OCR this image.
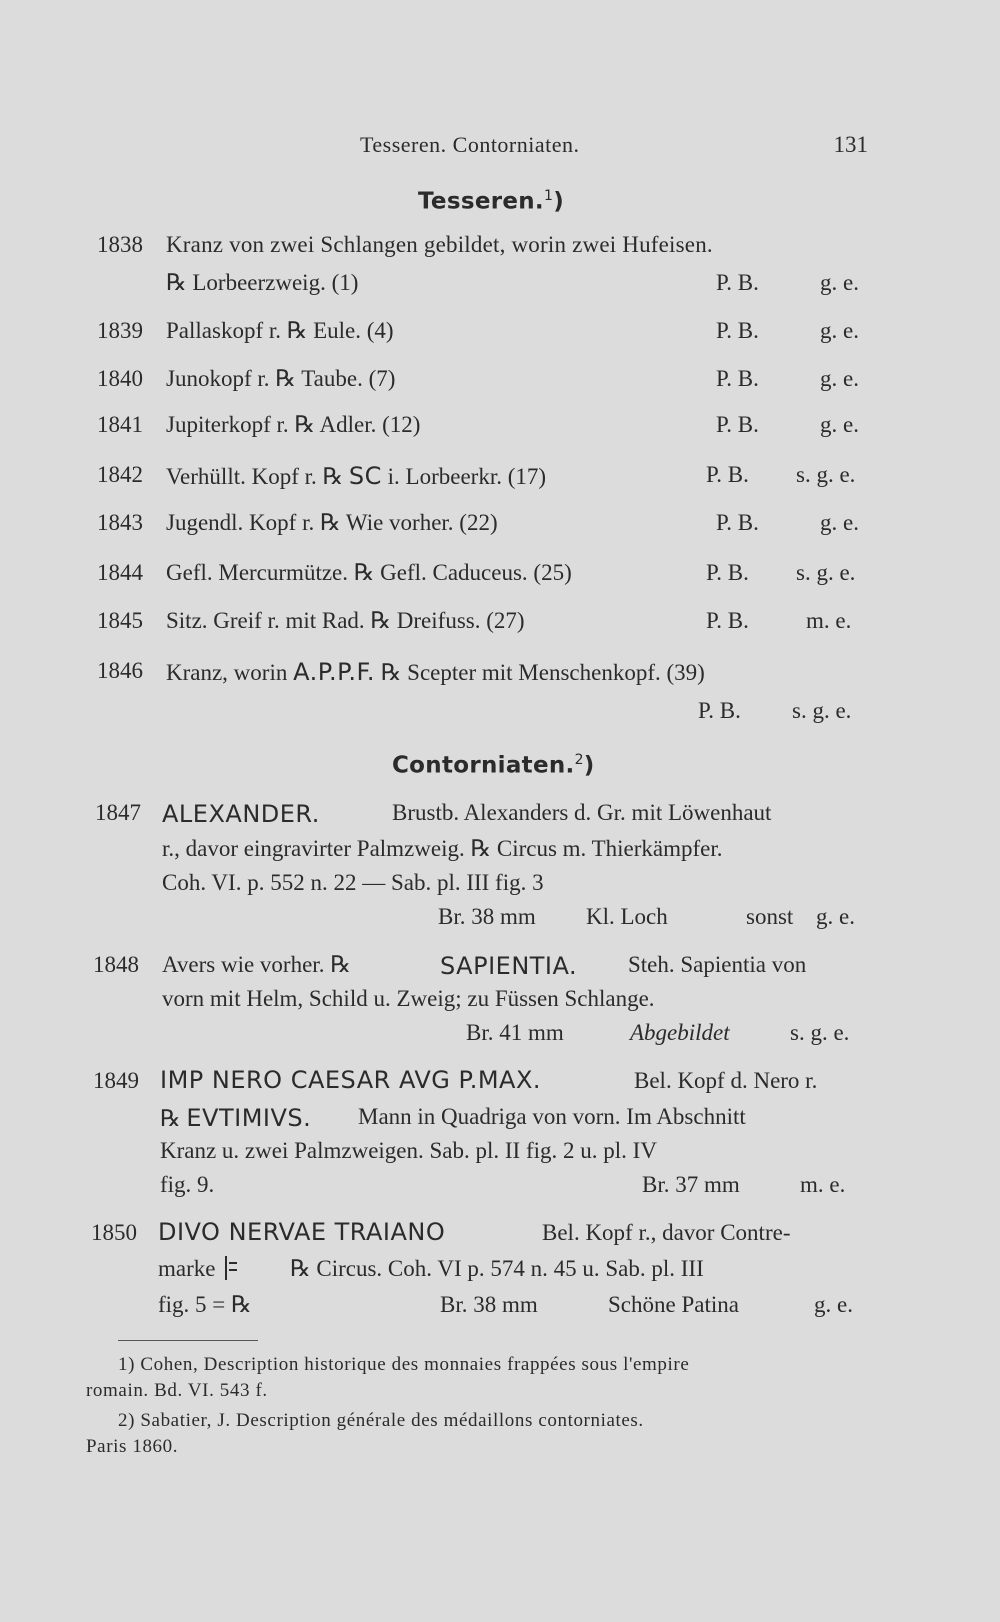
Tesseren. Contorniaten.	131
Tesseren.$^1$)
1838 Kranz von zwei Schlangen gebildet, worin zwei Hufeisen.
℞ Lorbeerzweig. (1)	P. B.	g. e.
1839 Pallaskopf r. ℞ Eule. (4)	P. B.	g. e.
1840 Junokopf r. ℞ Taube. (7)	P. B.	g. e.
1841 Jupiterkopf r. ℞ Adler. (12)	P. B.	g. e.
1842 Verhüllt. Kopf r. ℞ SC i. Lorbeerkr. (17)	P. B. s. g. e.
1843 Jugendl. Kopf r. ℞ Wie vorher. (22)	P. B.	g. e.
1844 Gefl. Mercurmütze. ℞ Gefl. Caduceus. (25)	P. B. s. g. e.
1845 Sitz. Greif r. mit Rad. ℞ Dreifuss. (27)	P. B. m. e.
1846 Kranz, worin A.P.P.F. ℞ Scepter mit Menschenkopf. (39)
P. B. s. g. e.
Contorniaten.$^2$)
1847 ALEXANDER.	Brustb. Alexanders d. Gr. mit Löwenhaut
r., davor eingravirter Palmzweig. ℞ Circus m. Thierkämpfer.
Coh. VI. p. 552 n. 22 — Sab. pl. III fig. 3
Br. 38 mm Kl. Loch	sonst g. e.
1848 Avers wie vorher. ℞	SAPIENTIA. Steh. Sapientia von
vorn mit Helm, Schild u. Zweig; zu Füssen Schlange.
Br. 41 mm	Abgebildet	s. g. e.
1849 IMP NERO CAESAR AVG P.MAX.	Bel. Kopf d. Nero r.
℞ EVTIMIVS. Mann in Quadriga von vorn. Im Abschnitt
Kranz u. zwei Palmzweigen. Sab. pl. II fig. 2 u. pl. IV
fig. 9.	Br. 37 mm	m. e.
1850 DIVO NERVAE TRAIANO	Bel. Kopf r., davor Contre-
marke	℞ Circus. Coh. VI p. 574 n. 45 u. Sab. pl. III
fig. 5 = ℞	Br. 38 mm	Schöne Patina	g. e.
1) Cohen, Description historique des monnaies frappées sous l'empire
romain. Bd. VI. 543 f.
2) Sabatier, J. Description générale des médaillons contorniates.
Paris 1860.
